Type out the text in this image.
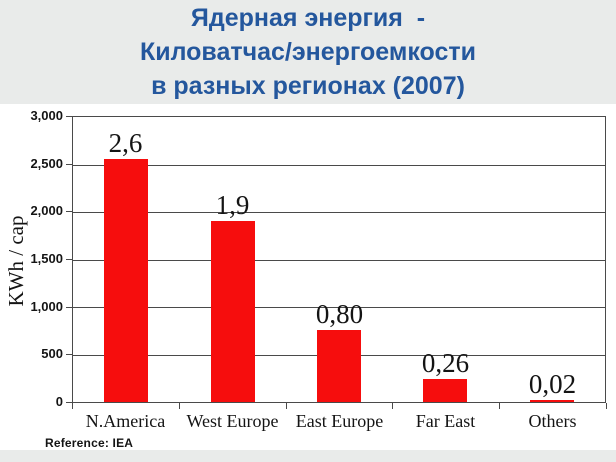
Ядерная энергия  -
Киловатчас/энергоемкости
в разных регионах (2007)
KWh / cap
0
500
1,000
1,500
2,000
2,500
3,000
N.America	West Europe East Europe	Far East	Others
Reference: IEA
2,6
1,9
0,80
0,26
0,02
